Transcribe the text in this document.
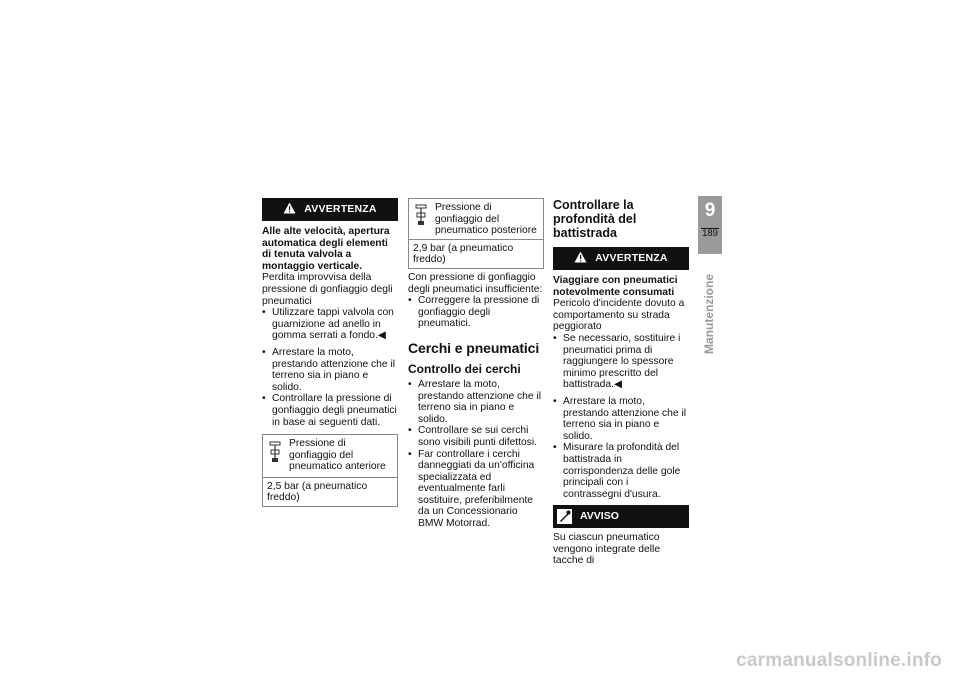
AVVERTENZA

Alle alte velocità, apertura automatica degli elementi di tenuta valvola a montaggio verticale.

Perdita improvvisa della pressione di gonfiaggio degli pneumatici

• Utilizzare tappi valvola con guarnizione ad anello in gomma serrati a fondo.◀
• Arrestare la moto, prestando attenzione che il terreno sia in piano e solido.
• Controllare la pressione di gonfiaggio degli pneumatici in base ai seguenti dati.
Pressione di gonfiaggio del pneumatico anteriore
2,5 bar (a pneumatico freddo)
Pressione di gonfiaggio del pneumatico posteriore
2,9 bar (a pneumatico freddo)

Con pressione di gonfiaggio degli pneumatici insufficiente:

• Correggere la pressione di gonfiaggio degli pneumatici.
Cerchi e pneumatici
Controllo dei cerchi
• Arrestare la moto, prestando attenzione che il terreno sia in piano e solido.
• Controllare se sui cerchi sono visibili punti difettosi.
• Far controllare i cerchi danneggiati da un'officina specializzata ed eventualmente farli sostituire, preferibilmente da un Concessionario BMW Motorrad.
Controllare la profondità del battistrada
AVVERTENZA

Viaggiare con pneumatici notevolmente consumati

Pericolo d'incidente dovuto a comportamento su strada peggiorato

• Se necessario, sostituire i pneumatici prima di raggiungere lo spessore minimo prescritto del battistrada.◀
• Arrestare la moto, prestando attenzione che il terreno sia in piano e solido.
• Misurare la profondità del battistrada in corrispondenza delle gole principali con i contrassegni d'usura.
AVVISO

Su ciascun pneumatico vengono integrate delle tacche di

9
189
Manutenzione
carmanualsonline.info
